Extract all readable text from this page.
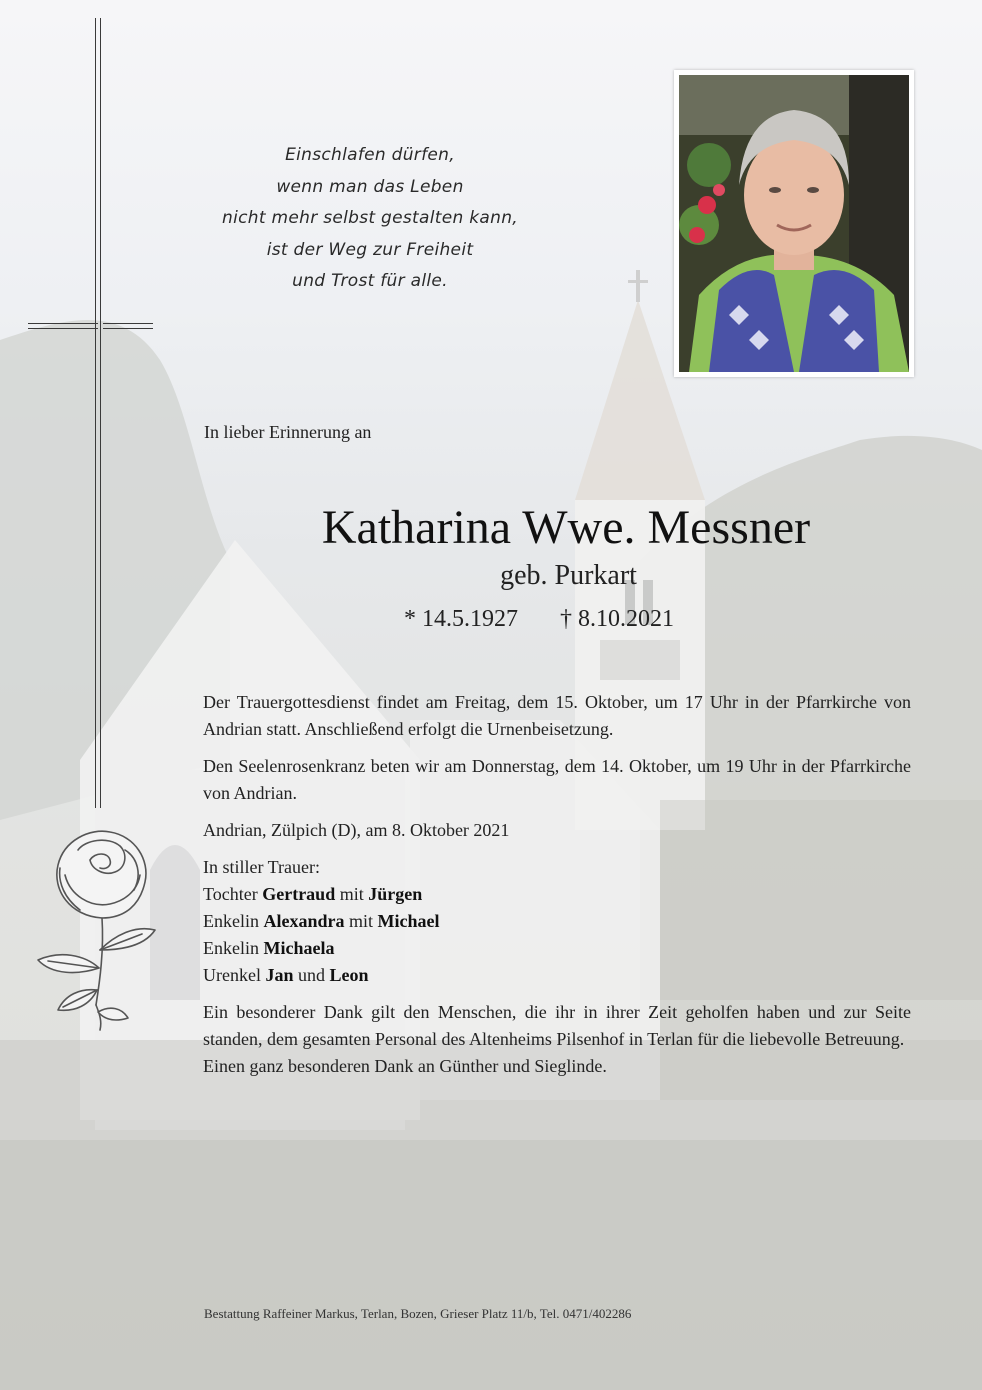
Einschlafen dürfen,
wenn man das Leben
nicht mehr selbst gestalten kann,
ist der Weg zur Freiheit
und Trost für alle.
In lieber Erinnerung an
Katharina Wwe. Messner
geb. Purkart
* 14.5.1927 † 8.10.2021

Der Trauergottesdienst findet am Freitag, dem 15. Oktober, um 17 Uhr in der Pfarrkirche von Andrian statt. Anschließend erfolgt die Urnenbeisetzung.

Den Seelenrosenkranz beten wir am Donnerstag, dem 14. Oktober, um 19 Uhr in der Pfarrkirche von Andrian.

Andrian, Zülpich (D), am 8. Oktober 2021

In stiller Trauer:
Tochter Gertraud mit Jürgen
Enkelin Alexandra mit Michael
Enkelin Michaela
Urenkel Jan und Leon

Ein besonderer Dank gilt den Menschen, die ihr in ihrer Zeit geholfen haben und zur Seite standen, dem gesamten Personal des Altenheims Pilsenhof in Terlan für die liebevolle Betreuung.

Einen ganz besonderen Dank an Günther und Sieglinde.

Bestattung Raffeiner Markus, Terlan, Bozen, Grieser Platz 11/b, Tel. 0471/402286
